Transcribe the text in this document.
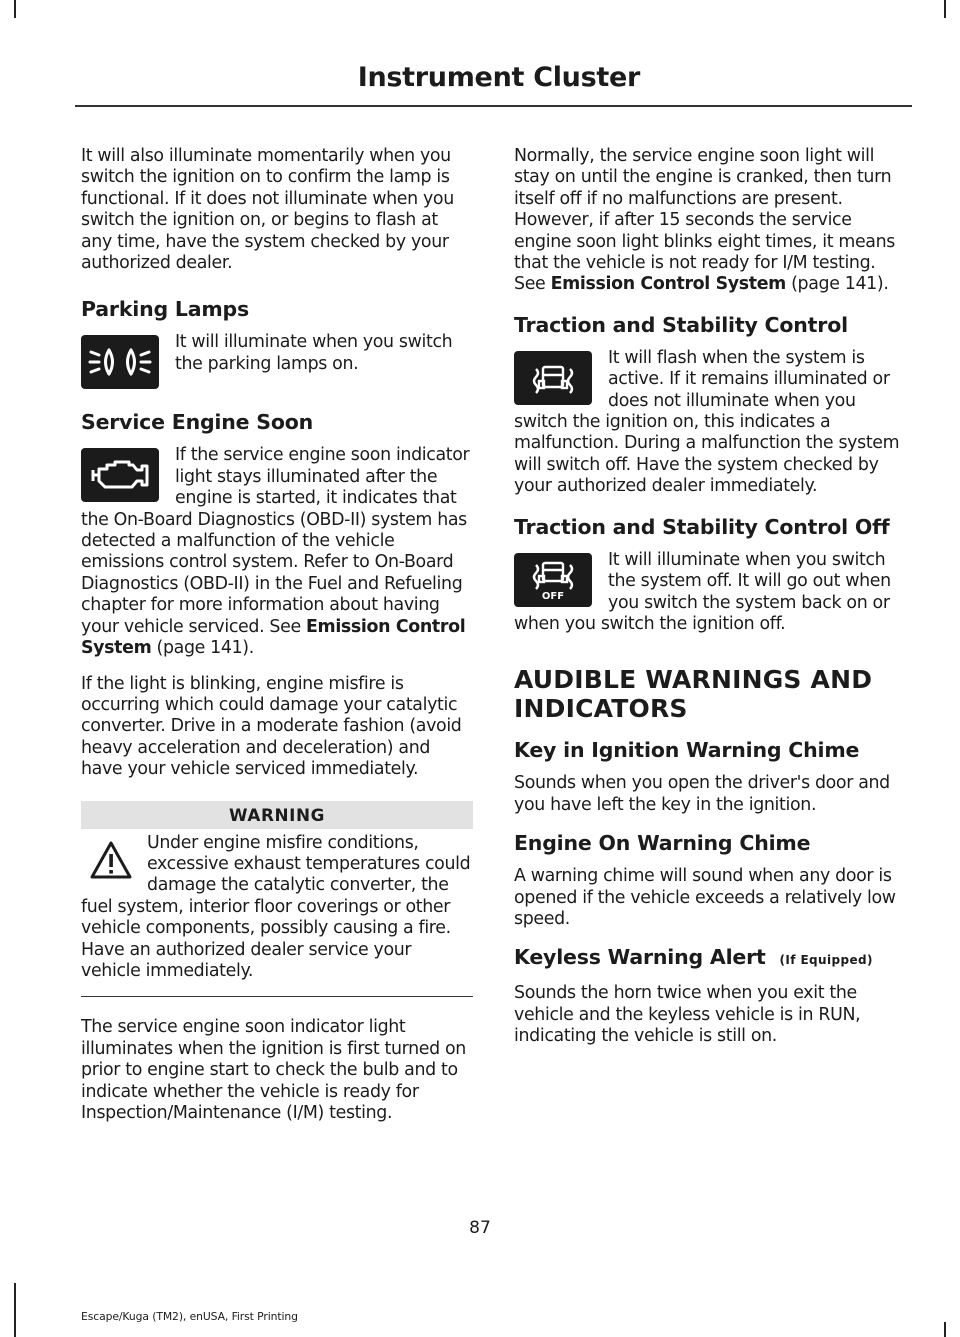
Instrument Cluster

It will also illuminate momentarily when you switch the ignition on to confirm the lamp is functional. If it does not illuminate when you switch the ignition on, or begins to flash at any time, have the system checked by your authorized dealer.

Parking Lamps

It will illuminate when you switch the parking lamps on.

Service Engine Soon

If the service engine soon indicator light stays illuminated after the engine is started, it indicates that the On-Board Diagnostics (OBD-II) system has detected a malfunction of the vehicle emissions control system. Refer to On-Board Diagnostics (OBD-II) in the Fuel and Refueling chapter for more information about having your vehicle serviced. See Emission Control System (page 141).

If the light is blinking, engine misfire is occurring which could damage your catalytic converter. Drive in a moderate fashion (avoid heavy acceleration and deceleration) and have your vehicle serviced immediately.

WARNING

Under engine misfire conditions, excessive exhaust temperatures could damage the catalytic converter, the fuel system, interior floor coverings or other vehicle components, possibly causing a fire. Have an authorized dealer service your vehicle immediately.

The service engine soon indicator light illuminates when the ignition is first turned on prior to engine start to check the bulb and to indicate whether the vehicle is ready for Inspection/Maintenance (I/M) testing.

Normally, the service engine soon light will stay on until the engine is cranked, then turn itself off if no malfunctions are present. However, if after 15 seconds the service engine soon light blinks eight times, it means that the vehicle is not ready for I/M testing. See Emission Control System (page 141).

Traction and Stability Control

It will flash when the system is active. If it remains illuminated or does not illuminate when you switch the ignition on, this indicates a malfunction. During a malfunction the system will switch off. Have the system checked by your authorized dealer immediately.

Traction and Stability Control Off
OFF

It will illuminate when you switch the system off. It will go out when you switch the system back on or when you switch the ignition off.

AUDIBLE WARNINGS AND INDICATORS
Key in Ignition Warning Chime

Sounds when you open the driver's door and you have left the key in the ignition.

Engine On Warning Chime

A warning chime will sound when any door is opened if the vehicle exceeds a relatively low speed.

Keyless Warning Alert (If Equipped)

Sounds the horn twice when you exit the vehicle and the keyless vehicle is in RUN, indicating the vehicle is still on.

87
Escape/Kuga (TM2), enUSA, First Printing
